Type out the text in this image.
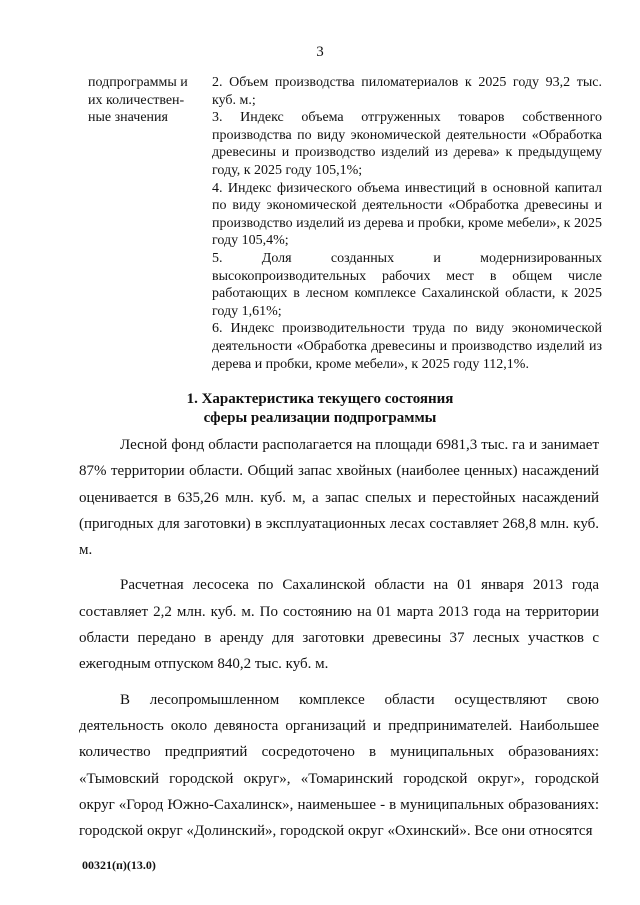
3
подпрограммы и
их количествен-
ные значения

2. Объем производства пиломатериалов к 2025 году 93,2 тыс. куб. м.;

3. Индекс объема отгруженных товаров собственного производства по виду экономической деятельности «Обработка древесины и производство изделий из дерева» к предыдущему году, к 2025 году 105,1%;

4. Индекс физического объема инвестиций в основной капитал по виду экономической деятельности «Обработка древесины и производство изделий из дерева и пробки, кроме мебели», к 2025 году 105,4%;

5. Доля созданных и модернизированных высокопроизводительных рабочих мест в общем числе работающих в лесном комплексе Сахалинской области, к 2025 году 1,61%;

6. Индекс производительности труда по виду экономической деятельности «Обработка древесины и производство изделий из дерева и пробки, кроме мебели», к 2025 году 112,1%.

1. Характеристика текущего состояния
сферы реализации подпрограммы

Лесной фонд области располагается на площади 6981,3 тыс. га и занимает 87% территории области. Общий запас хвойных (наиболее ценных) насаждений оценивается в 635,26 млн. куб. м, а запас спелых и перестойных насаждений (пригодных для заготовки) в эксплуатационных лесах составляет 268,8 млн. куб. м.

Расчетная лесосека по Сахалинской области на 01 января 2013 года составляет 2,2 млн. куб. м. По состоянию на 01 марта 2013 года на территории области передано в аренду для заготовки древесины 37 лесных участков с ежегодным отпуском 840,2 тыс. куб. м.

В лесопромышленном комплексе области осуществляют свою деятельность около девяноста организаций и предпринимателей. Наибольшее количество предприятий сосредоточено в муниципальных образованиях: «Тымовский городской округ», «Томаринский городской округ», городской округ «Город Южно-Сахалинск», наименьшее - в муниципальных образованиях: городской округ «Долинский», городской округ «Охинский». Все они относятся

00321(п)(13.0)
